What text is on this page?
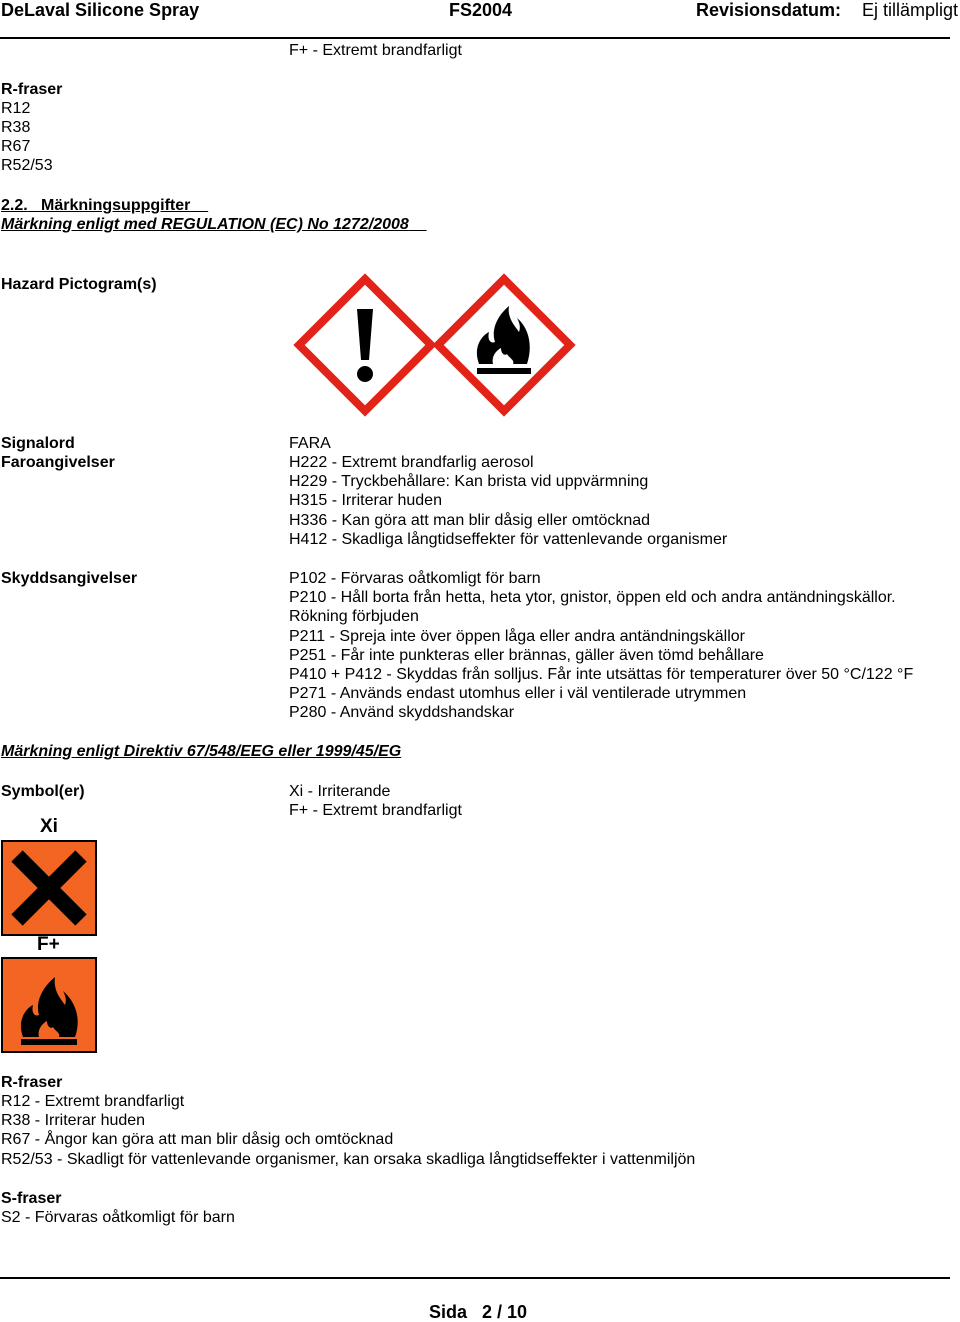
DeLaval Silicone Spray	FS2004	Revisionsdatum: Ej tillämpligt
F+ - Extremt brandfarligt
R-fraser
R12
R38
R67
R52/53
2.2. Märkningsuppgifter
Märkning enligt med REGULATION (EC) No 1272/2008
Hazard Pictogram(s)
Signalord	FARA
Faroangivelser	H222 - Extremt brandfarlig aerosol
H229 - Tryckbehållare: Kan brista vid uppvärmning
H315 - Irriterar huden
H336 - Kan göra att man blir dåsig eller omtöcknad
H412 - Skadliga långtidseffekter för vattenlevande organismer
Skyddsangivelser	P102 - Förvaras oåtkomligt för barn
P210 - Håll borta från hetta, heta ytor, gnistor, öppen eld och andra antändningskällor.
Rökning förbjuden
P211 - Spreja inte över öppen låga eller andra antändningskällor
P251 - Får inte punkteras eller brännas, gäller även tömd behållare
P410 + P412 - Skyddas från solljus. Får inte utsättas för temperaturer över 50 °C/122 °F
P271 - Används endast utomhus eller i väl ventilerade utrymmen
P280 - Använd skyddshandskar
Märkning enligt Direktiv 67/548/EEG eller 1999/45/EG
Symbol(er)	Xi - Irriterande
F+ - Extremt brandfarligt
Xi
F+
R-fraser
R12 - Extremt brandfarligt
R38 - Irriterar huden
R67 - Ångor kan göra att man blir dåsig och omtöcknad
R52/53 - Skadligt för vattenlevande organismer, kan orsaka skadliga långtidseffekter i vattenmiljön
S-fraser
S2 - Förvaras oåtkomligt för barn
Sida 2 / 10
